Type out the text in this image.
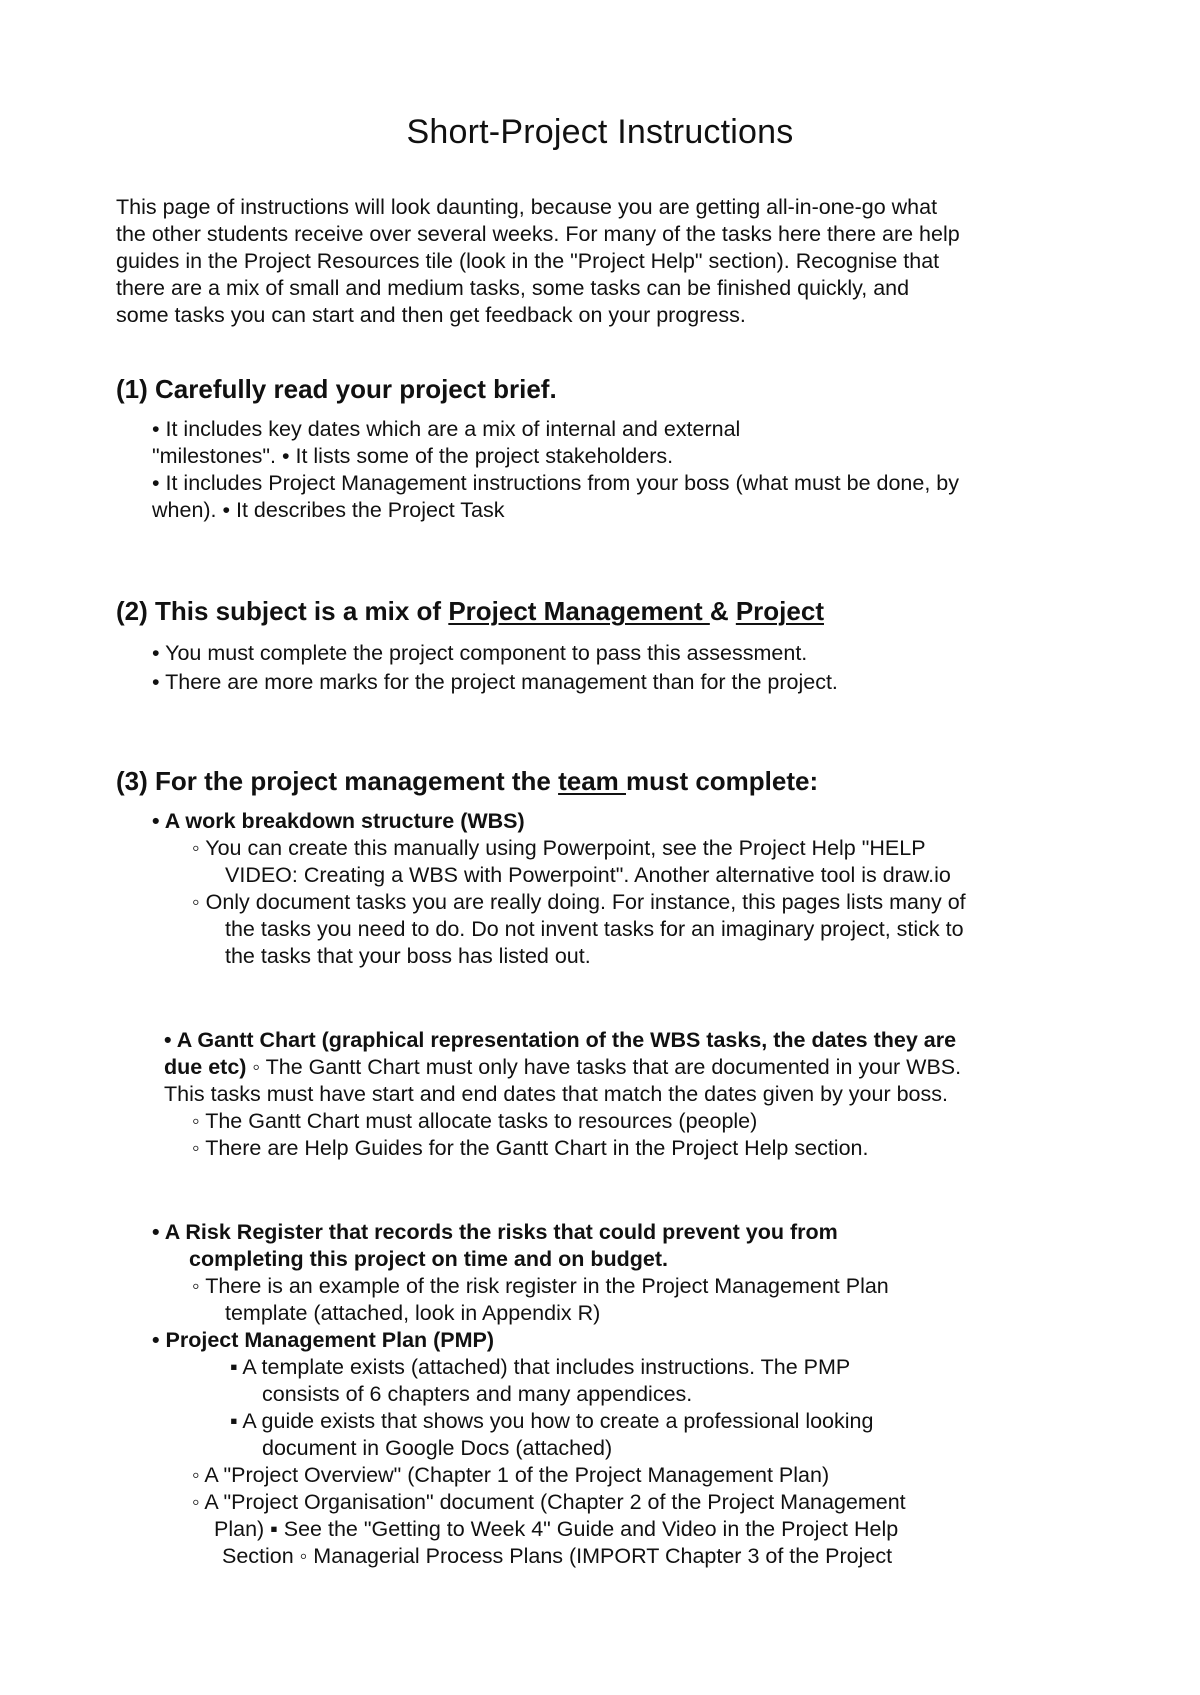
Short-Project Instructions
This page of instructions will look daunting, because you are getting all-in-one-go what
the other students receive over several weeks. For many of the tasks here there are help
guides in the Project Resources tile (look in the "Project Help" section). Recognise that
there are a mix of small and medium tasks, some tasks can be finished quickly, and
some tasks you can start and then get feedback on your progress.
(1) Carefully read your project brief.
• It includes key dates which are a mix of internal and external
"milestones". • It lists some of the project stakeholders.
• It includes Project Management instructions from your boss (what must be done, by
when). • It describes the Project Task
(2) This subject is a mix of Project Management & Project
• You must complete the project component to pass this assessment.
• There are more marks for the project management than for the project.
(3) For the project management the team must complete:
• A work breakdown structure (WBS)
◦ You can create this manually using Powerpoint, see the Project Help "HELP
VIDEO: Creating a WBS with Powerpoint". Another alternative tool is draw.io
◦ Only document tasks you are really doing. For instance, this pages lists many of
the tasks you need to do. Do not invent tasks for an imaginary project, stick to
the tasks that your boss has listed out.
• A Gantt Chart (graphical representation of the WBS tasks, the dates they are
due etc) ◦ The Gantt Chart must only have tasks that are documented in your WBS.
This tasks must have start and end dates that match the dates given by your boss.
◦ The Gantt Chart must allocate tasks to resources (people)
◦ There are Help Guides for the Gantt Chart in the Project Help section.
• A Risk Register that records the risks that could prevent you from
completing this project on time and on budget.
◦ There is an example of the risk register in the Project Management Plan
template (attached, look in Appendix R)
• Project Management Plan (PMP)
▪ A template exists (attached) that includes instructions. The PMP
consists of 6 chapters and many appendices.
▪ A guide exists that shows you how to create a professional looking
document in Google Docs (attached)
◦ A "Project Overview" (Chapter 1 of the Project Management Plan)
◦ A "Project Organisation" document (Chapter 2 of the Project Management
Plan) ▪ See the "Getting to Week 4" Guide and Video in the Project Help
Section ◦ Managerial Process Plans (IMPORT Chapter 3 of the Project
